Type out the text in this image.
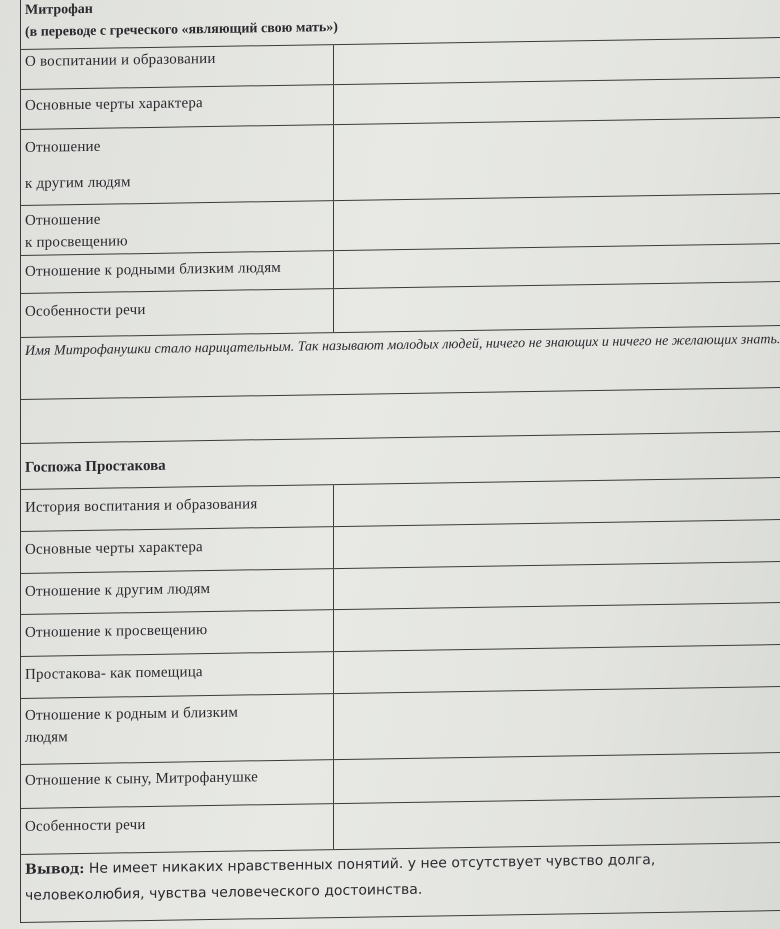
Митрофан
(в переводе с греческого «являющий свою мать»)
О воспитании и образовании
Основные черты характера
Отношение
к другим людям
Отношение
к просвещению
Отношение к родными близким людям
Особенности речи
Имя Митрофанушки стало нарицательным. Так называют молодых людей, ничего не знающих и ничего не желающих знать.
Госпожа Простакова
История воспитания и образования
Основные черты характера
Отношение к другим людям
Отношение к просвещению
Простакова- как помещица
Отношение к родным и близким
людям
Отношение к сыну, Митрофанушке
Особенности речи
Вывод: Не имеет никаких нравственных понятий. у нее отсутствует чувство долга, человеколюбия, чувства человеческого достоинства.
